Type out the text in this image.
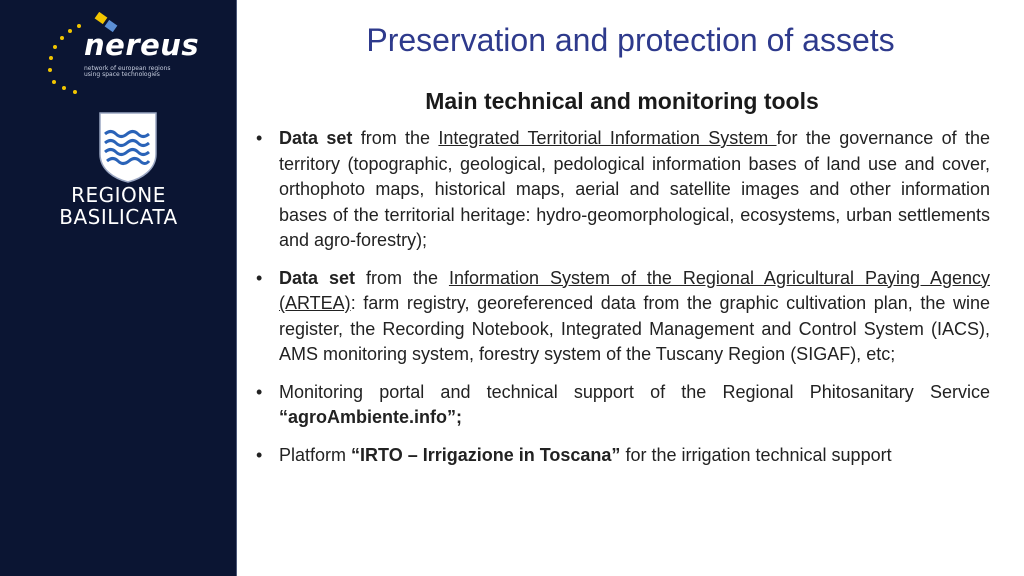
nereus
network of european regions
using space technologies
REGIONE
BASILICATA
Preservation and protection of assets
Main technical and monitoring tools
• Data set from the Integrated Territorial Information System for the governance of the territory (topographic, geological, pedological information bases of land use and cover, orthophoto maps, historical maps, aerial and satellite images and other information bases of the territorial heritage: hydro-geomorphological, ecosystems, urban settlements and agro-forestry);
• Data set from the Information System of the Regional Agricultural Paying Agency (ARTEA): farm registry, georeferenced data from the graphic cultivation plan, the wine register, the Recording Notebook, Integrated Management and Control System (IACS), AMS monitoring system, forestry system of the Tuscany Region (SIGAF), etc;
• Monitoring portal and technical support of the Regional Phitosanitary Service “agroAmbiente.info”;
• Platform “IRTO – Irrigazione in Toscana” for the irrigation technical support
